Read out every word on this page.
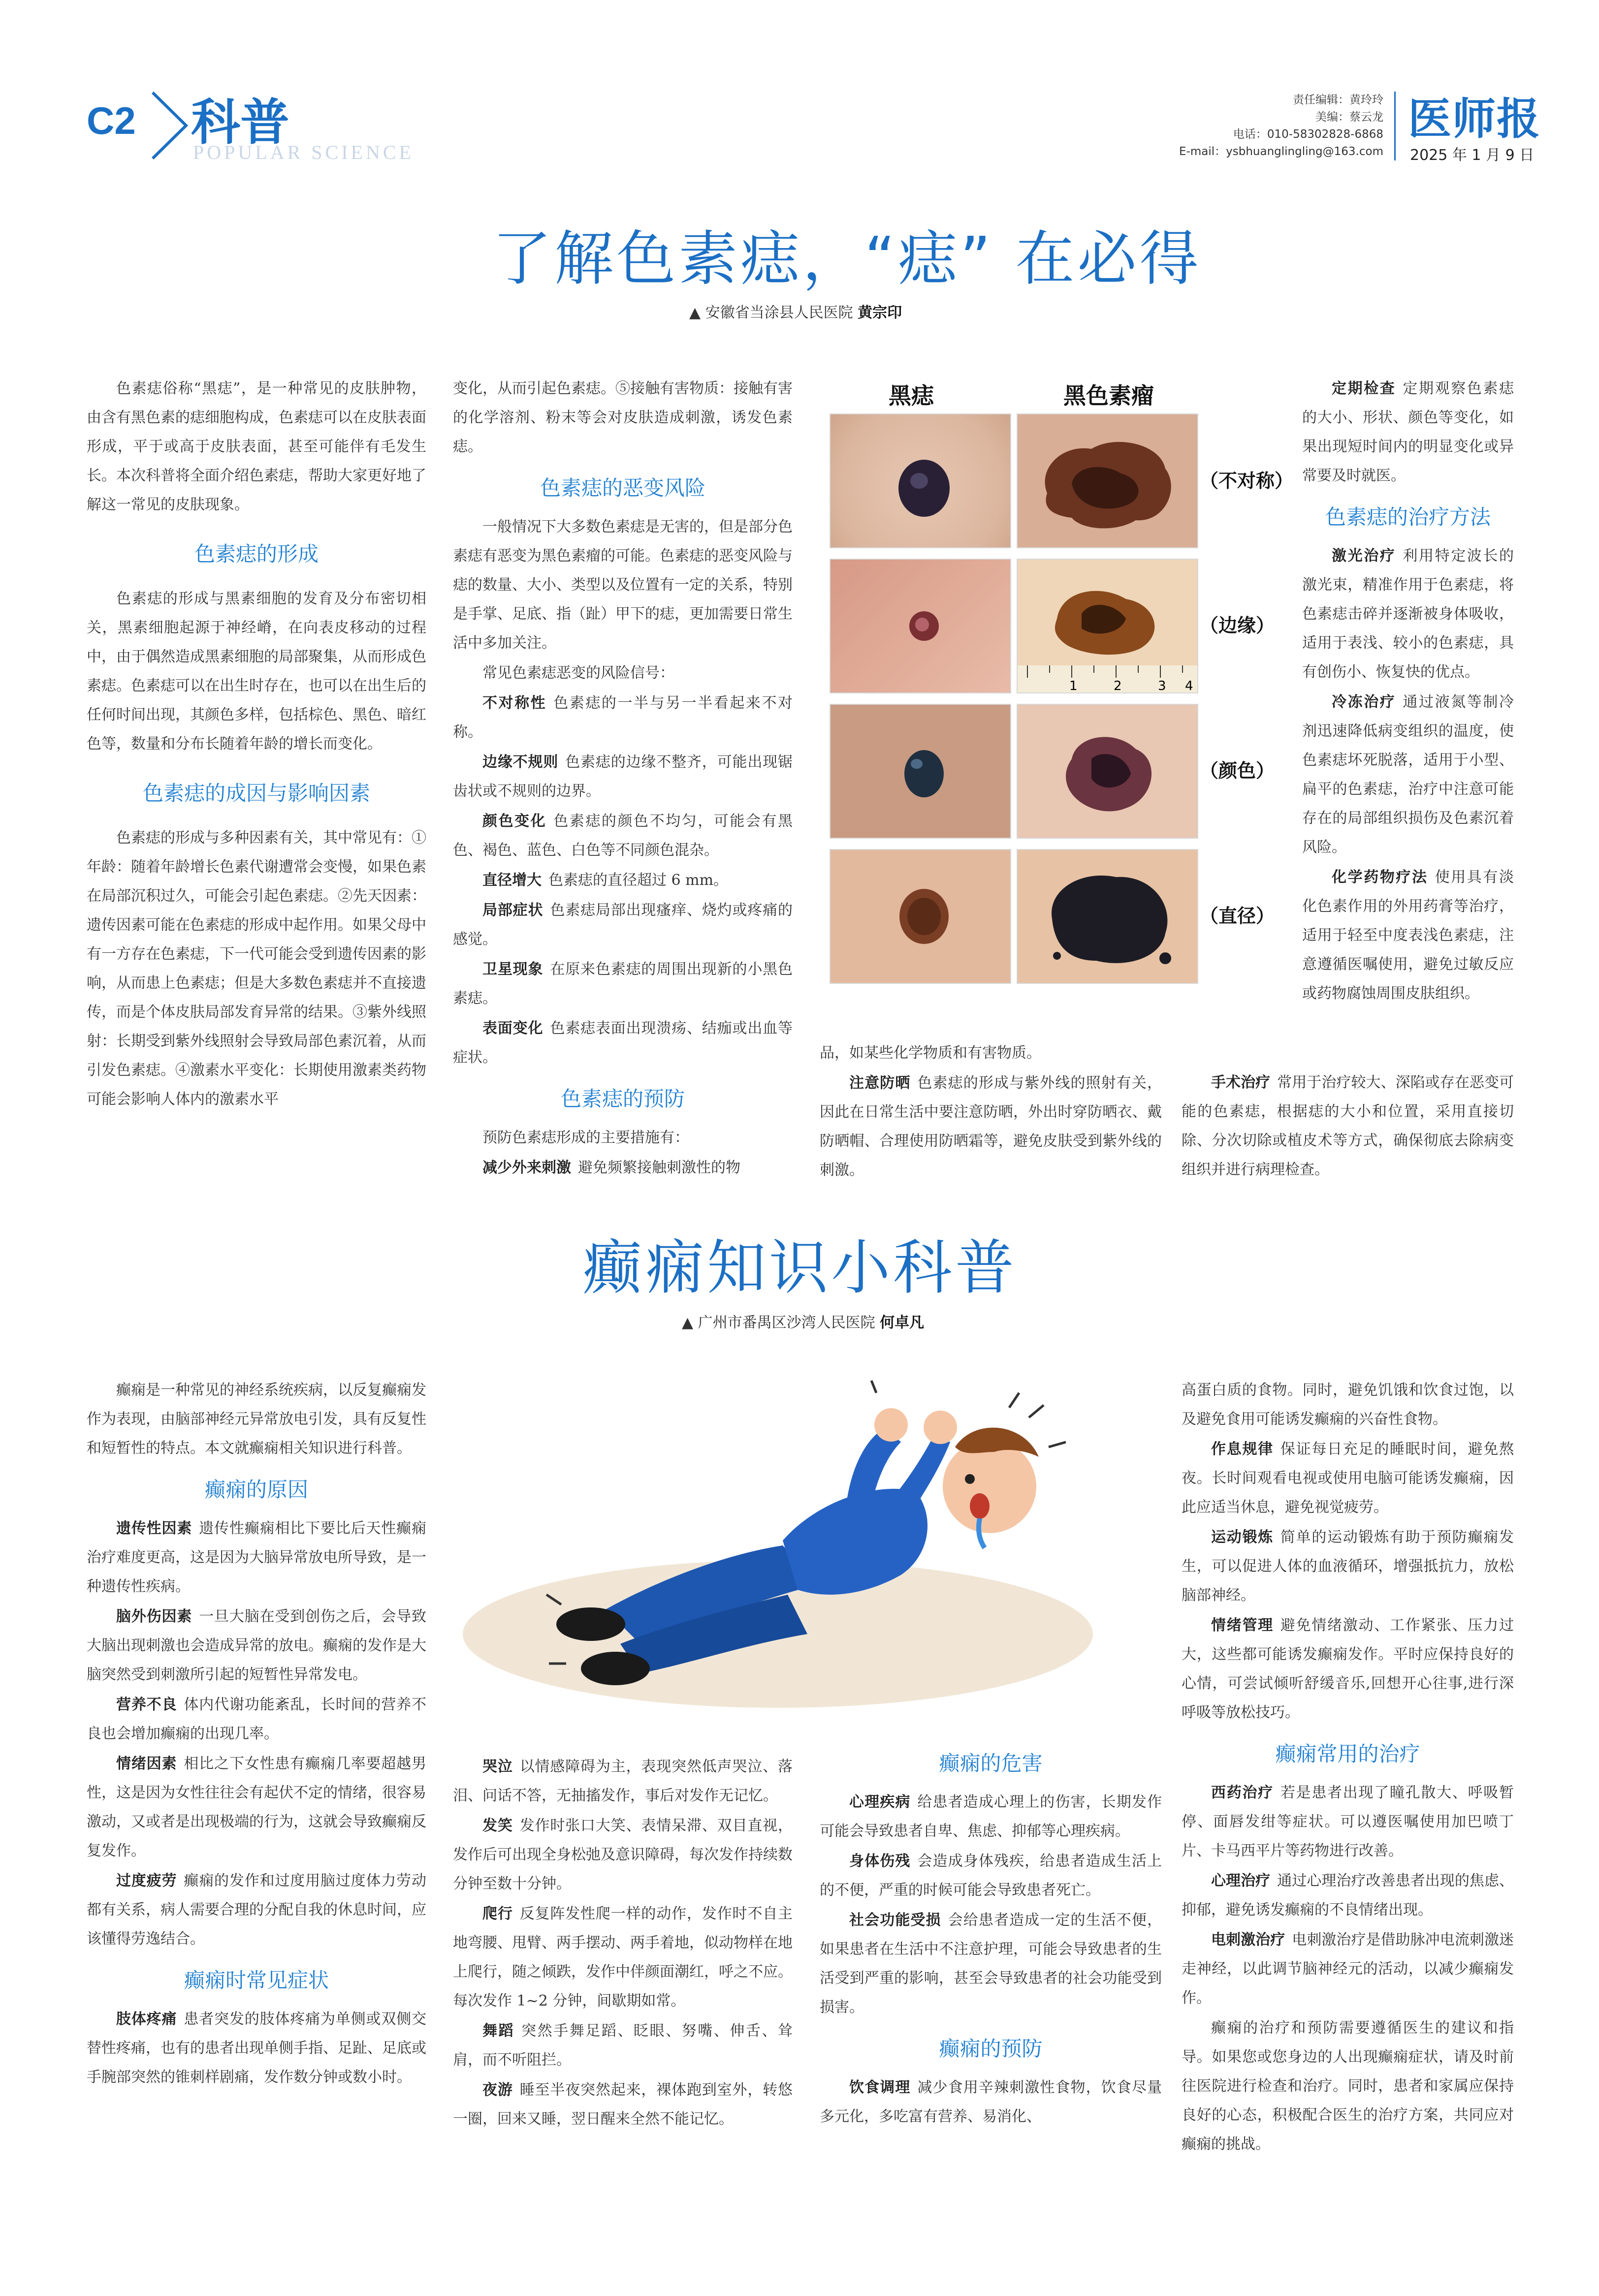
C2 科普
POPULAR SCIENCE
责任编辑：黄玲玲
美编：蔡云龙
电话：010-58302828-6868
E-mail：ysbhuanglingling@163.com
医师报
2025 年 1 月 9 日
了解色素痣，“痣” 在必得
▲ 安徽省当涂县人民医院 黄宗印

色素痣俗称“黑痣”，是一种常见的皮肤肿物，由含有黑色素的痣细胞构成，色素痣可以在皮肤表面形成，平于或高于皮肤表面，甚至可能伴有毛发生长。本次科普将全面介绍色素痣，帮助大家更好地了解这一常见的皮肤现象。

色素痣的形成

色素痣的形成与黑素细胞的发育及分布密切相关，黑素细胞起源于神经嵴，在向表皮移动的过程中，由于偶然造成黑素细胞的局部聚集，从而形成色素痣。色素痣可以在出生时存在，也可以在出生后的任何时间出现，其颜色多样，包括棕色、黑色、暗红色等，数量和分布长随着年龄的增长而变化。

色素痣的成因与影响因素

色素痣的形成与多种因素有关，其中常见有：①年龄：随着年龄增长色素代谢遭常会变慢，如果色素在局部沉积过久，可能会引起色素痣。②先天因素：遗传因素可能在色素痣的形成中起作用。如果父母中有一方存在色素痣，下一代可能会受到遗传因素的影响，从而患上色素痣；但是大多数色素痣并不直接遗传，而是个体皮肤局部发育异常的结果。③紫外线照射：长期受到紫外线照射会导致局部色素沉着，从而引发色素痣。④激素水平变化：长期使用激素类药物可能会影响人体内的激素水平

变化，从而引起色素痣。⑤接触有害物质：接触有害的化学溶剂、粉末等会对皮肤造成刺激，诱发色素痣。

色素痣的恶变风险

一般情况下大多数色素痣是无害的，但是部分色素痣有恶变为黑色素瘤的可能。色素痣的恶变风险与痣的数量、大小、类型以及位置有一定的关系，特别是手掌、足底、指（趾）甲下的痣，更加需要日常生活中多加关注。

常见色素痣恶变的风险信号：

不对称性 色素痣的一半与另一半看起来不对称。

边缘不规则 色素痣的边缘不整齐，可能出现锯齿状或不规则的边界。

颜色变化 色素痣的颜色不均匀，可能会有黑色、褐色、蓝色、白色等不同颜色混杂。

直径增大 色素痣的直径超过 6 mm。

局部症状 色素痣局部出现瘙痒、烧灼或疼痛的感觉。

卫星现象 在原来色素痣的周围出现新的小黑色素痣。

表面变化 色素痣表面出现溃疡、结痂或出血等症状。

色素痣的预防

预防色素痣形成的主要措施有：

减少外来刺激 避免频繁接触刺激性的物

黑痣	黑色素瘤
（不对称）
1	2	3 4
（边缘）
（颜色）
（直径）

品，如某些化学物质和有害物质。

注意防晒 色素痣的形成与紫外线的照射有关，因此在日常生活中要注意防晒，外出时穿防晒衣、戴防晒帽、合理使用防晒霜等，避免皮肤受到紫外线的刺激。

定期检查 定期观察色素痣的大小、形状、颜色等变化，如果出现短时间内的明显变化或异常要及时就医。

色素痣的治疗方法

激光治疗 利用特定波长的激光束，精准作用于色素痣，将色素痣击碎并逐渐被身体吸收，适用于表浅、较小的色素痣，具有创伤小、恢复快的优点。

冷冻治疗 通过液氮等制冷剂迅速降低病变组织的温度，使色素痣坏死脱落，适用于小型、扁平的色素痣，治疗中注意可能存在的局部组织损伤及色素沉着风险。

化学药物疗法 使用具有淡化色素作用的外用药膏等治疗，适用于轻至中度表浅色素痣，注意遵循医嘱使用，避免过敏反应或药物腐蚀周围皮肤组织。

手术治疗 常用于治疗较大、深陷或存在恶变可能的色素痣，根据痣的大小和位置，采用直接切除、分次切除或植皮术等方式，确保彻底去除病变组织并进行病理检查。

癫痫知识小科普
▲ 广州市番禺区沙湾人民医院 何卓凡

癫痫是一种常见的神经系统疾病，以反复癫痫发作为表现，由脑部神经元异常放电引发，具有反复性和短暂性的特点。本文就癫痫相关知识进行科普。

癫痫的原因

遗传性因素 遗传性癫痫相比下要比后天性癫痫治疗难度更高，这是因为大脑异常放电所导致，是一种遗传性疾病。

脑外伤因素 一旦大脑在受到创伤之后，会导致大脑出现刺激也会造成异常的放电。癫痫的发作是大脑突然受到刺激所引起的短暂性异常发电。

营养不良 体内代谢功能紊乱，长时间的营养不良也会增加癫痫的出现几率。

情绪因素 相比之下女性患有癫痫几率要超越男性，这是因为女性往往会有起伏不定的情绪，很容易激动，又或者是出现极端的行为，这就会导致癫痫反复发作。

过度疲劳 癫痫的发作和过度用脑过度体力劳动都有关系，病人需要合理的分配自我的休息时间，应该懂得劳逸结合。

癫痫时常见症状

肢体疼痛 患者突发的肢体疼痛为单侧或双侧交替性疼痛，也有的患者出现单侧手指、足趾、足底或手腕部突然的锥刺样剧痛，发作数分钟或数小时。

哭泣 以情感障碍为主，表现突然低声哭泣、落泪、问话不答，无抽搐发作，事后对发作无记忆。

发笑 发作时张口大笑、表情呆滞、双目直视，发作后可出现全身松弛及意识障碍，每次发作持续数分钟至数十分钟。

爬行 反复阵发性爬一样的动作，发作时不自主地弯腰、甩臂、两手摆动、两手着地，似动物样在地上爬行，随之倾跌，发作中伴颜面潮红，呼之不应。每次发作 1~2 分钟，间歇期如常。

舞蹈 突然手舞足蹈、眨眼、努嘴、伸舌、耸肩，而不听阻拦。

夜游 睡至半夜突然起来，裸体跑到室外，转悠一圈，回来又睡，翌日醒来全然不能记忆。

癫痫的危害

心理疾病 给患者造成心理上的伤害，长期发作可能会导致患者自卑、焦虑、抑郁等心理疾病。

身体伤残 会造成身体残疾，给患者造成生活上的不便，严重的时候可能会导致患者死亡。

社会功能受损 会给患者造成一定的生活不便，如果患者在生活中不注意护理，可能会导致患者的生活受到严重的影响，甚至会导致患者的社会功能受到损害。

癫痫的预防

饮食调理 减少食用辛辣刺激性食物，饮食尽量多元化，多吃富有营养、易消化、

高蛋白质的食物。同时，避免饥饿和饮食过饱，以及避免食用可能诱发癫痫的兴奋性食物。

作息规律 保证每日充足的睡眠时间，避免熬夜。长时间观看电视或使用电脑可能诱发癫痫，因此应适当休息，避免视觉疲劳。

运动锻炼 简单的运动锻炼有助于预防癫痫发生，可以促进人体的血液循环，增强抵抗力，放松脑部神经。

情绪管理 避免情绪激动、工作紧张、压力过大，这些都可能诱发癫痫发作。平时应保持良好的心情，可尝试倾听舒缓音乐,回想开心往事,进行深呼吸等放松技巧。

癫痫常用的治疗

西药治疗 若是患者出现了瞳孔散大、呼吸暂停、面唇发绀等症状。可以遵医嘱使用加巴喷丁片、卡马西平片等药物进行改善。

心理治疗 通过心理治疗改善患者出现的焦虑、抑郁，避免诱发癫痫的不良情绪出现。

电刺激治疗 电刺激治疗是借助脉冲电流刺激迷走神经，以此调节脑神经元的活动，以减少癫痫发作。

癫痫的治疗和预防需要遵循医生的建议和指导。如果您或您身边的人出现癫痫症状，请及时前往医院进行检查和治疗。同时，患者和家属应保持良好的心态，积极配合医生的治疗方案，共同应对癫痫的挑战。
